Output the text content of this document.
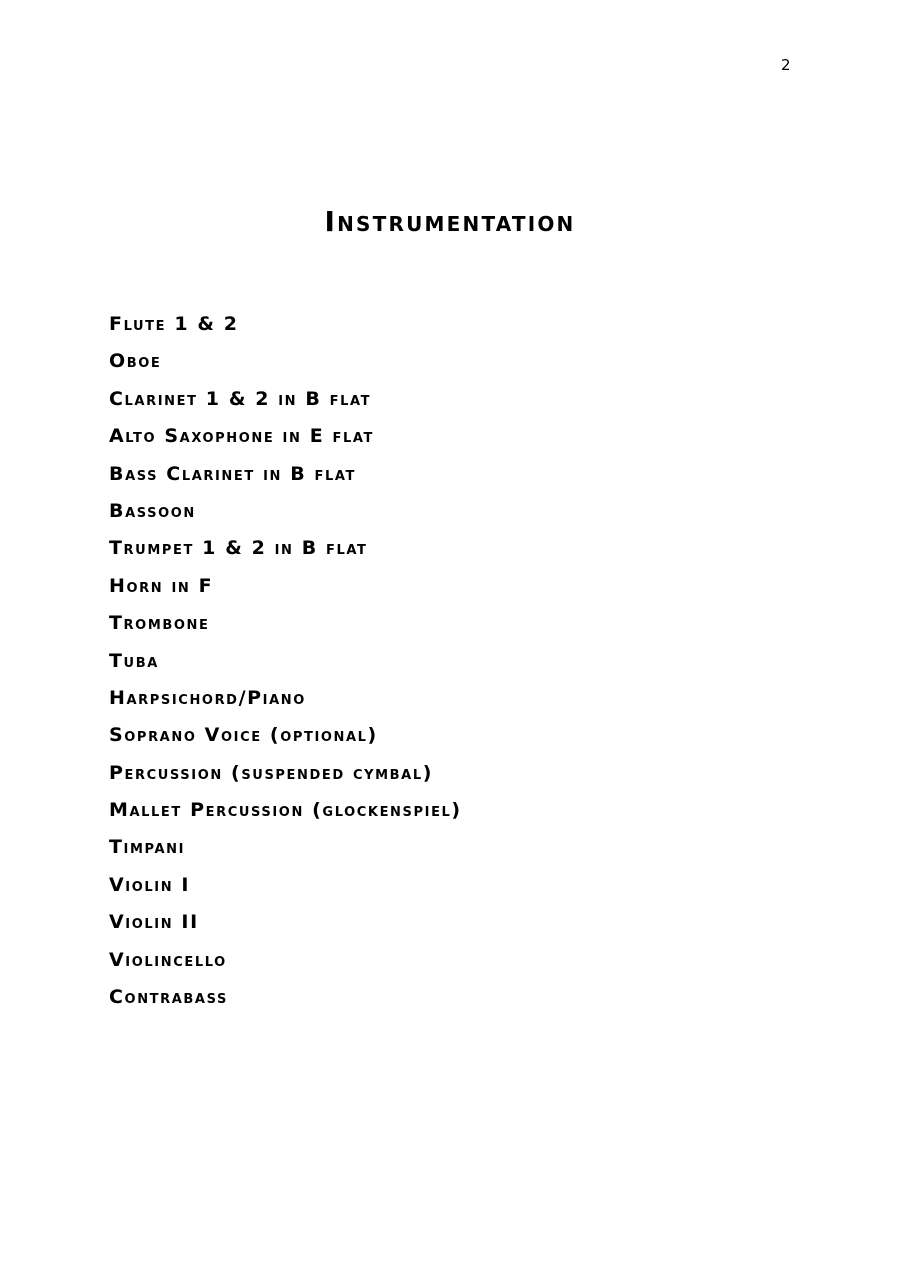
2
Instrumentation
Flute 1 & 2
Oboe
Clarinet 1 & 2 in B flat
Alto Saxophone in E flat
Bass Clarinet in B flat
Bassoon
Trumpet 1 & 2 in B flat
Horn in F
Trombone
Tuba
Harpsichord/Piano
Soprano Voice (optional)
Percussion (suspended cymbal)
Mallet Percussion (glockenspiel)
Timpani
Violin I
Violin II
Violincello
Contrabass
